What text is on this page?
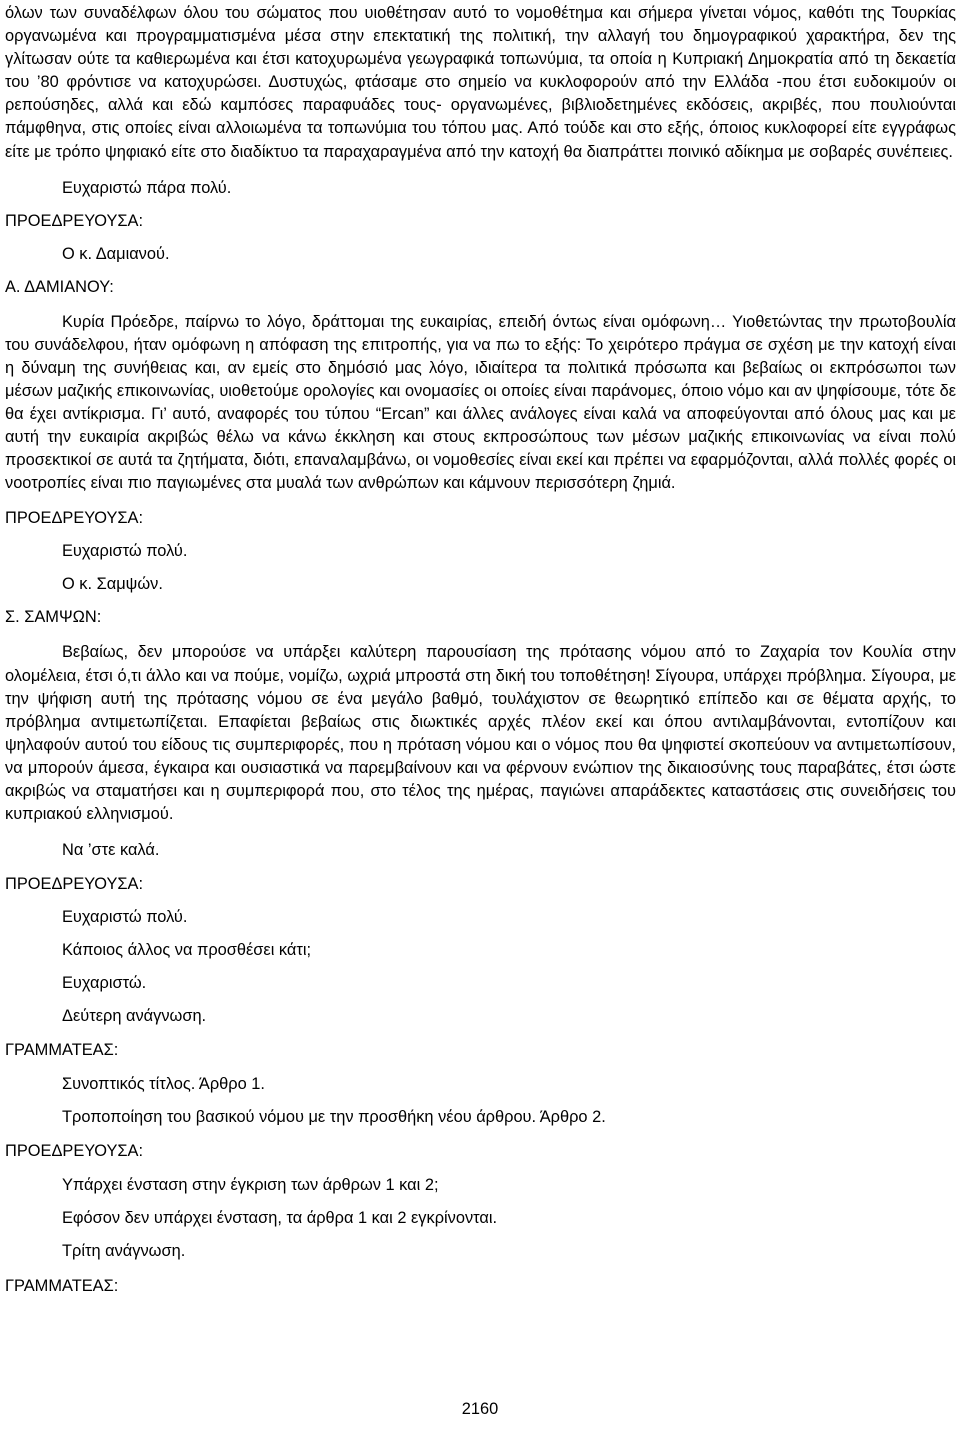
όλων των συναδέλφων όλου του σώματος που υιοθέτησαν αυτό το νομοθέτημα και σήμερα γίνεται νόμος, καθότι της Τουρκίας οργανωμένα και προγραμματισμένα μέσα στην επεκτατική της πολιτική, την αλλαγή του δημογραφικού χαρακτήρα, δεν της γλίτωσαν ούτε τα καθιερωμένα και έτσι κατοχυρωμένα γεωγραφικά τοπωνύμια, τα οποία η Κυπριακή Δημοκρατία από τη δεκαετία του ’80 φρόντισε να κατοχυρώσει. Δυστυχώς, φτάσαμε στο σημείο να κυκλοφορούν από την Ελλάδα -που έτσι ευδοκιμούν οι ρεπούσηδες, αλλά και εδώ καμπόσες παραφυάδες τους- οργανωμένες, βιβλιοδετημένες εκδόσεις, ακριβές, που πουλιούνται πάμφθηνα, στις οποίες είναι αλλοιωμένα τα τοπωνύμια του τόπου μας. Από τούδε και στο εξής, όποιος κυκλοφορεί είτε εγγράφως είτε με τρόπο ψηφιακό είτε στο διαδίκτυο τα παραχαραγμένα από την κατοχή θα διαπράττει ποινικό αδίκημα με σοβαρές συνέπειες.

Ευχαριστώ πάρα πολύ.

ΠΡΟΕΔΡΕΥΟΥΣΑ:

Ο κ. Δαμιανού.

Α. ΔΑΜΙΑΝΟΥ:

Κυρία Πρόεδρε, παίρνω το λόγο, δράττομαι της ευκαιρίας, επειδή όντως είναι ομόφωνη… Υιοθετώντας την πρωτοβουλία του συνάδελφου, ήταν ομόφωνη η απόφαση της επιτροπής, για να πω το εξής: Το χειρότερο πράγμα σε σχέση με την κατοχή είναι η δύναμη της συνήθειας και, αν εμείς στο δημόσιό μας λόγο, ιδιαίτερα τα πολιτικά πρόσωπα και βεβαίως οι εκπρόσωποι των μέσων μαζικής επικοινωνίας, υιοθετούμε ορολογίες και ονομασίες οι οποίες είναι παράνομες, όποιο νόμο και αν ψηφίσουμε, τότε δε θα έχει αντίκρισμα. Γι’ αυτό, αναφορές του τύπου “Ercan” και άλλες ανάλογες είναι καλά να αποφεύγονται από όλους μας και με αυτή την ευκαιρία ακριβώς θέλω να κάνω έκκληση και στους εκπροσώπους των μέσων μαζικής επικοινωνίας να είναι πολύ προσεκτικοί σε αυτά τα ζητήματα, διότι, επαναλαμβάνω, οι νομοθεσίες είναι εκεί και πρέπει να εφαρμόζονται, αλλά πολλές φορές οι νοοτροπίες είναι πιο παγιωμένες στα μυαλά των ανθρώπων και κάμνουν περισσότερη ζημιά.

ΠΡΟΕΔΡΕΥΟΥΣΑ:

Ευχαριστώ πολύ.

Ο κ. Σαμψών.

Σ. ΣΑΜΨΩΝ:

Βεβαίως, δεν μπορούσε να υπάρξει καλύτερη παρουσίαση της πρότασης νόμου από το Ζαχαρία τον Κουλία στην ολομέλεια, έτσι ό,τι άλλο και να πούμε, νομίζω, ωχριά μπροστά στη δική του τοποθέτηση! Σίγουρα, υπάρχει πρόβλημα. Σίγουρα, με την ψήφιση αυτή της πρότασης νόμου σε ένα μεγάλο βαθμό, τουλάχιστον σε θεωρητικό επίπεδο και σε θέματα αρχής, το πρόβλημα αντιμετωπίζεται. Επαφίεται βεβαίως στις διωκτικές αρχές πλέον εκεί και όπου αντιλαμβάνονται, εντοπίζουν και ψηλαφούν αυτού του είδους τις συμπεριφορές, που η πρόταση νόμου και ο νόμος που θα ψηφιστεί σκοπεύουν να αντιμετωπίσουν, να μπορούν άμεσα, έγκαιρα και ουσιαστικά να παρεμβαίνουν και να φέρνουν ενώπιον της δικαιοσύνης τους παραβάτες, έτσι ώστε ακριβώς να σταματήσει και η συμπεριφορά που, στο τέλος της ημέρας, παγιώνει απαράδεκτες καταστάσεις στις συνειδήσεις του κυπριακού ελληνισμού.

Να ’στε καλά.

ΠΡΟΕΔΡΕΥΟΥΣΑ:

Ευχαριστώ πολύ.

Κάποιος άλλος να προσθέσει κάτι;

Ευχαριστώ.

Δεύτερη ανάγνωση.

ΓΡΑΜΜΑΤΕΑΣ:

Συνοπτικός τίτλος. Άρθρο 1.

Τροποποίηση του βασικού νόμου με την προσθήκη νέου άρθρου. Άρθρο 2.

ΠΡΟΕΔΡΕΥΟΥΣΑ:

Υπάρχει ένσταση στην έγκριση των άρθρων 1 και 2;

Εφόσον δεν υπάρχει ένσταση, τα άρθρα 1 και 2 εγκρίνονται.

Τρίτη ανάγνωση.

ΓΡΑΜΜΑΤΕΑΣ:

2160
